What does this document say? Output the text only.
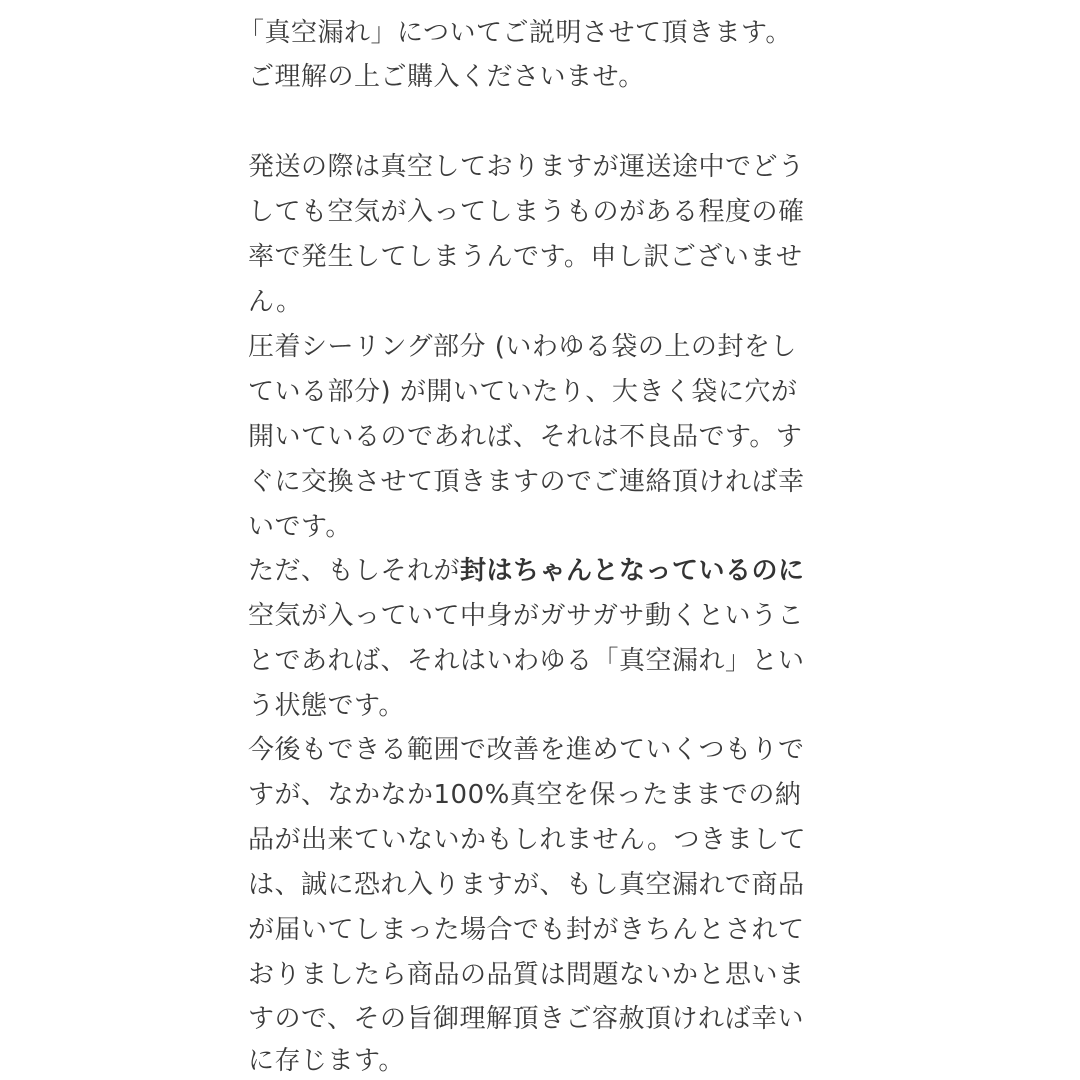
「真空漏れ」についてご説明させて頂きます。
ご理解の上ご購入くださいませ。
発送の際は真空しておりますが運送途中でどう
しても空気が入ってしまうものがある程度の確
率で発生してしまうんです。申し訳ございませ
ん。
圧着シーリング部分 (いわゆる袋の上の封をし
ている部分) が開いていたり、大きく袋に穴が
開いているのであれば、それは不良品です。す
ぐに交換させて頂きますのでご連絡頂ければ幸
いです。
ただ、もしそれが封はちゃんとなっているのに
空気が入っていて中身がガサガサ動くというこ
とであれば、それはいわゆる「真空漏れ」とい
う状態です。
今後もできる範囲で改善を進めていくつもりで
すが、なかなか100%真空を保ったままでの納
品が出来ていないかもしれません。つきまして
は、誠に恐れ入りますが、もし真空漏れで商品
が届いてしまった場合でも封がきちんとされて
おりましたら商品の品質は問題ないかと思いま
すので、その旨御理解頂きご容赦頂ければ幸い
に存じます。
